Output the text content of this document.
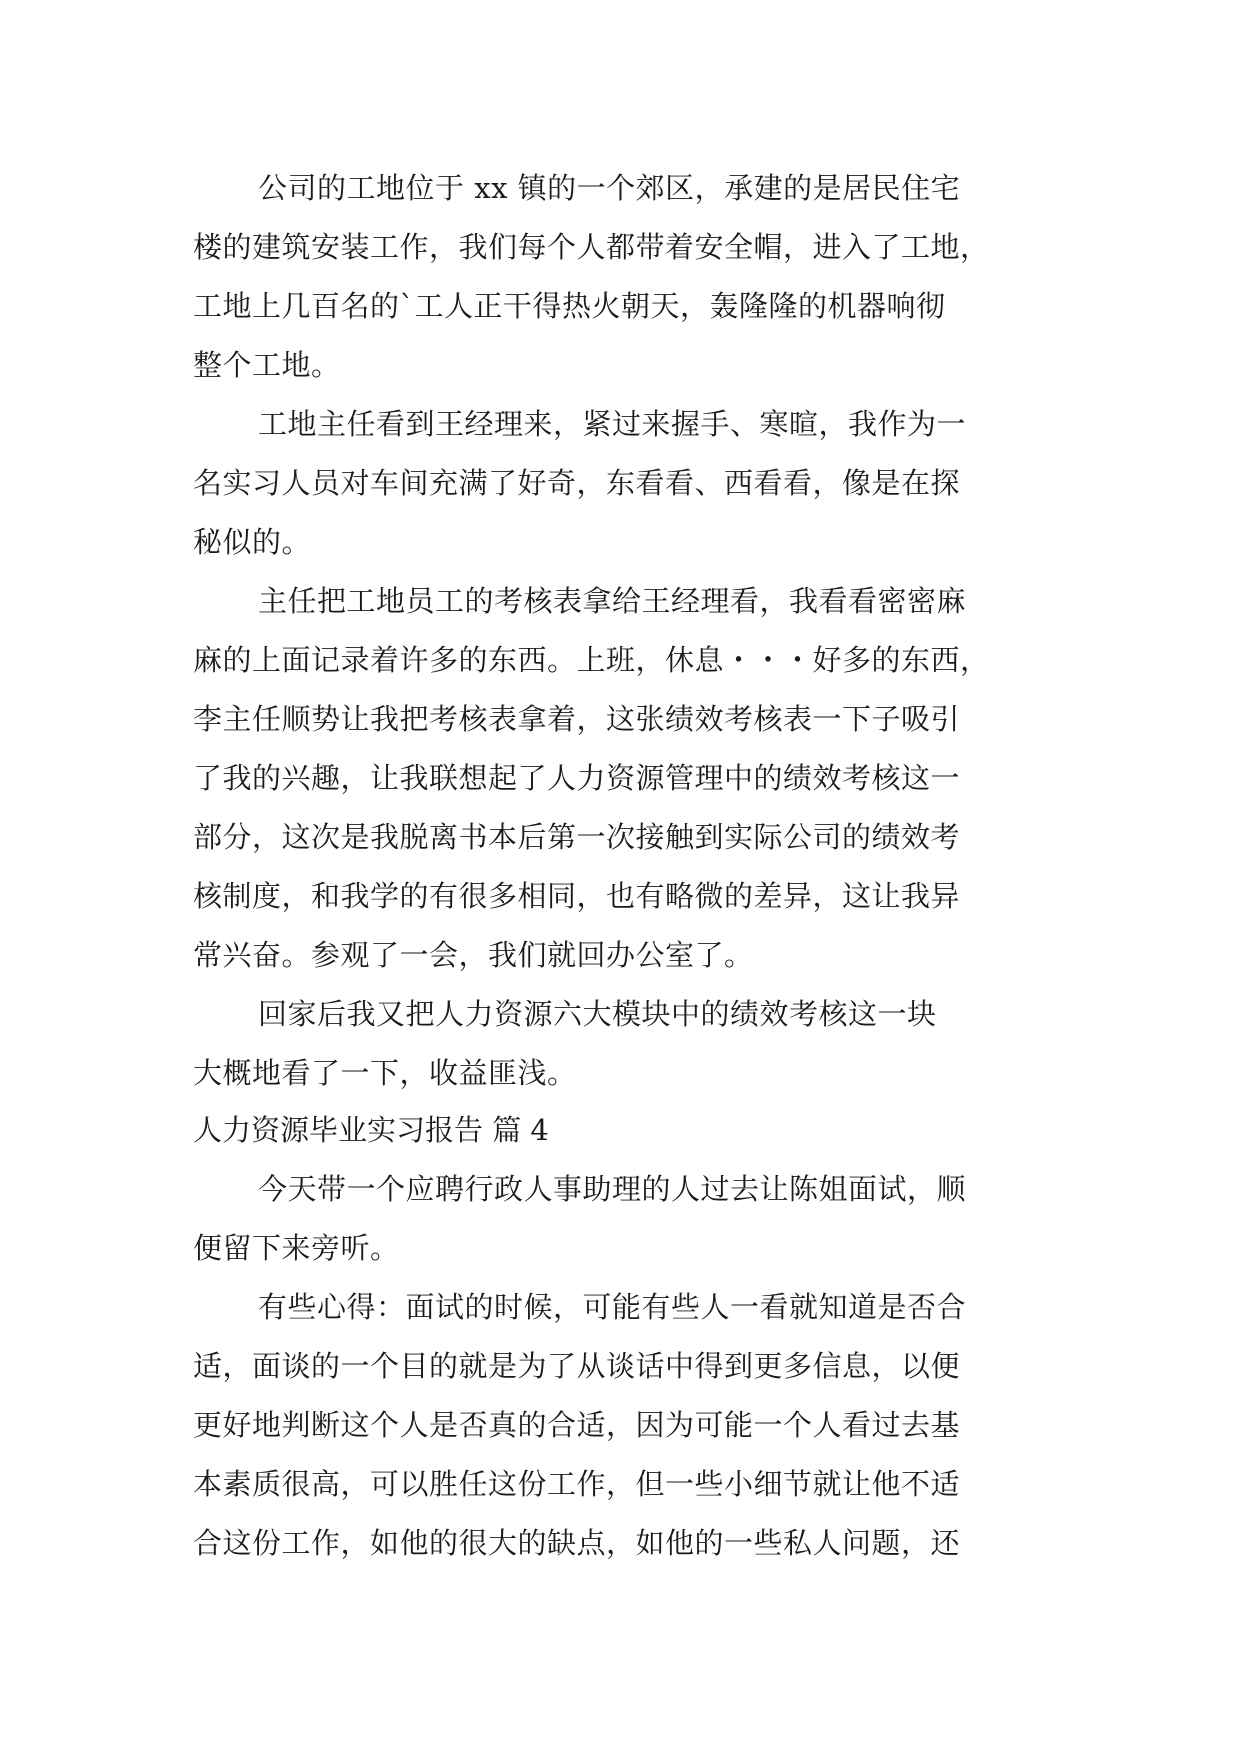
公司的工地位于 xx 镇的一个郊区，承建的是居民住宅
楼的建筑安装工作，我们每个人都带着安全帽，进入了工地，
工地上几百名的`工人正干得热火朝天，轰隆隆的机器响彻
整个工地。
工地主任看到王经理来，紧过来握手、寒暄，我作为一
名实习人员对车间充满了好奇，东看看、西看看，像是在探
秘似的。
主任把工地员工的考核表拿给王经理看，我看看密密麻
麻的上面记录着许多的东西。上班，休息・・・好多的东西，
李主任顺势让我把考核表拿着，这张绩效考核表一下子吸引
了我的兴趣，让我联想起了人力资源管理中的绩效考核这一
部分，这次是我脱离书本后第一次接触到实际公司的绩效考
核制度，和我学的有很多相同，也有略微的差异，这让我异
常兴奋。参观了一会，我们就回办公室了。
回家后我又把人力资源六大模块中的绩效考核这一块
大概地看了一下，收益匪浅。
人力资源毕业实习报告 篇 4
今天带一个应聘行政人事助理的人过去让陈姐面试，顺
便留下来旁听。
有些心得：面试的时候，可能有些人一看就知道是否合
适，面谈的一个目的就是为了从谈话中得到更多信息，以便
更好地判断这个人是否真的合适，因为可能一个人看过去基
本素质很高，可以胜任这份工作，但一些小细节就让他不适
合这份工作，如他的很大的缺点，如他的一些私人问题，还
